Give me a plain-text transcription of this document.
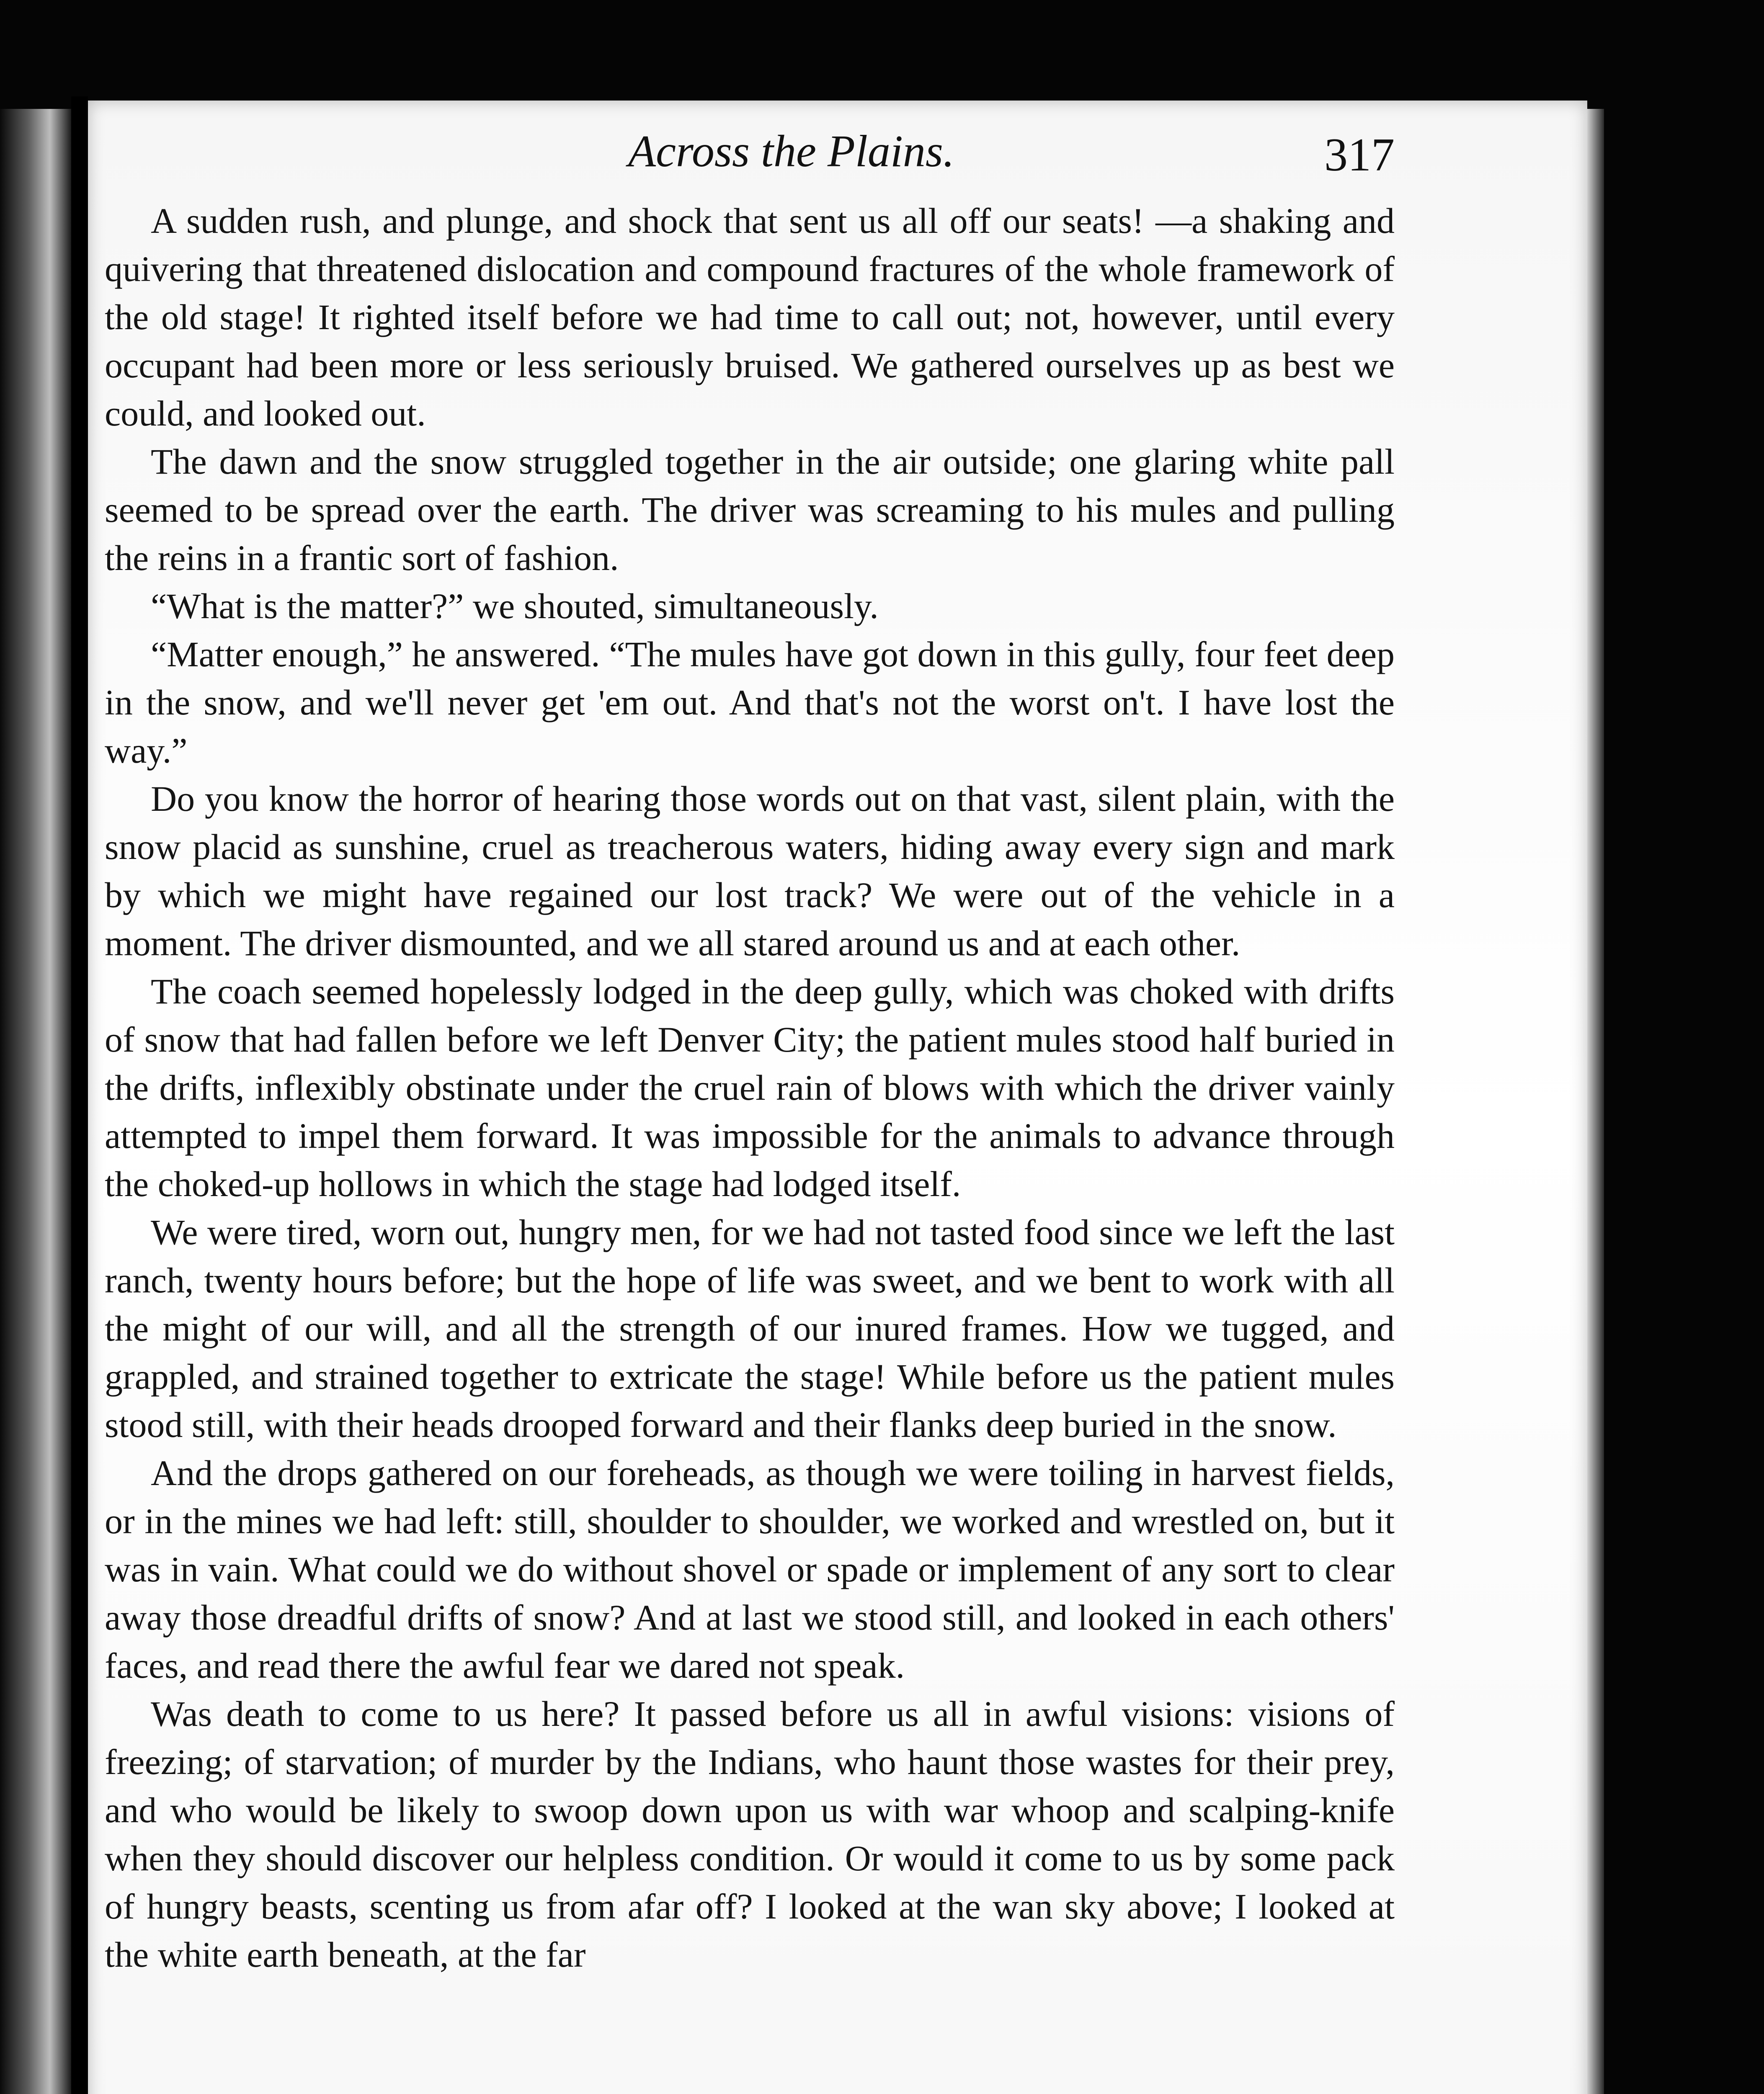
Across the Plains.	317

A sudden rush, and plunge, and shock that sent us all off our seats! —a shaking and quivering that threatened dislocation and compound fractures of the whole framework of the old stage! It righted itself before we had time to call out; not, however, until every occupant had been more or less seriously bruised. We gathered ourselves up as best we could, and looked out.

The dawn and the snow struggled together in the air outside; one glaring white pall seemed to be spread over the earth. The driver was screaming to his mules and pulling the reins in a frantic sort of fashion.

“What is the matter?” we shouted, simultaneously.

“Matter enough,” he answered. “The mules have got down in this gully, four feet deep in the snow, and we'll never get 'em out. And that's not the worst on't. I have lost the way.”

Do you know the horror of hearing those words out on that vast, silent plain, with the snow placid as sunshine, cruel as treacherous waters, hiding away every sign and mark by which we might have regained our lost track? We were out of the vehicle in a moment. The driver dismounted, and we all stared around us and at each other.

The coach seemed hopelessly lodged in the deep gully, which was choked with drifts of snow that had fallen before we left Denver City; the patient mules stood half buried in the drifts, inflexibly obstinate under the cruel rain of blows with which the driver vainly attempted to impel them forward. It was impossible for the animals to advance through the choked-up hollows in which the stage had lodged itself.

We were tired, worn out, hungry men, for we had not tasted food since we left the last ranch, twenty hours before; but the hope of life was sweet, and we bent to work with all the might of our will, and all the strength of our inured frames. How we tugged, and grappled, and strained together to extricate the stage! While before us the patient mules stood still, with their heads drooped forward and their flanks deep buried in the snow.

And the drops gathered on our foreheads, as though we were toiling in harvest fields, or in the mines we had left: still, shoulder to shoulder, we worked and wrestled on, but it was in vain. What could we do without shovel or spade or implement of any sort to clear away those dreadful drifts of snow? And at last we stood still, and looked in each others' faces, and read there the awful fear we dared not speak.

Was death to come to us here? It passed before us all in awful visions: visions of freezing; of starvation; of murder by the Indians, who haunt those wastes for their prey, and who would be likely to swoop down upon us with war whoop and scalping-knife when they should discover our helpless condition. Or would it come to us by some pack of hungry beasts, scenting us from afar off? I looked at the wan sky above; I looked at the white earth beneath, at the far
